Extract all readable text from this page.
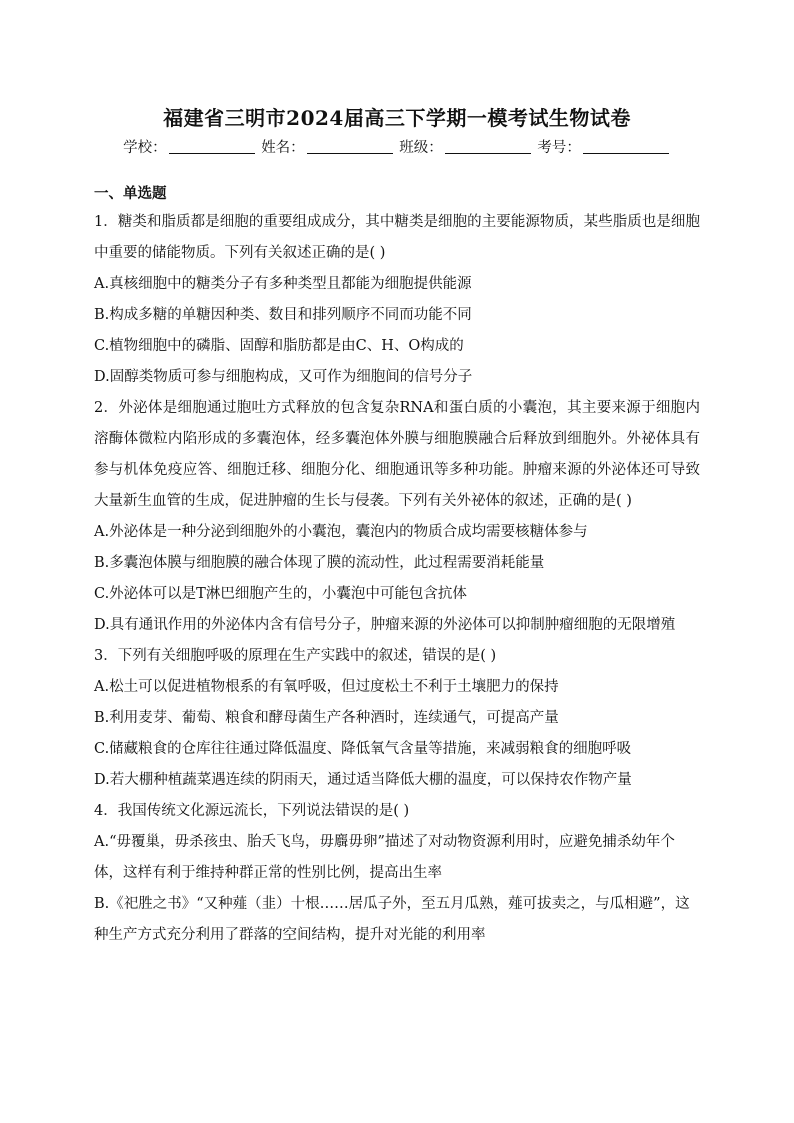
福建省三明市2024届高三下学期一模考试生物试卷
学校：	姓名：	班级：	考号：
一、单选题

1．糖类和脂质都是细胞的重要组成成分，其中糖类是细胞的主要能源物质，某些脂质也是细胞中重要的储能物质。下列有关叙述正确的是( )

A.真核细胞中的糖类分子有多种类型且都能为细胞提供能源

B.构成多糖的单糖因种类、数目和排列顺序不同而功能不同

C.植物细胞中的磷脂、固醇和脂肪都是由C、H、O构成的

D.固醇类物质可参与细胞构成，又可作为细胞间的信号分子

2．外泌体是细胞通过胞吐方式释放的包含复杂RNA和蛋白质的小囊泡，其主要来源于细胞内溶酶体微粒内陷形成的多囊泡体，经多囊泡体外膜与细胞膜融合后释放到细胞外。外祕体具有参与机体免疫应答、细胞迁移、细胞分化、细胞通讯等多种功能。肿瘤来源的外泌体还可导致大量新生血管的生成，促进肿瘤的生长与侵袭。下列有关外祕体的叙述，正确的是( )

A.外泌体是一种分泌到细胞外的小囊泡，囊泡内的物质合成均需要核糖体参与

B.多囊泡体膜与细胞膜的融合体现了膜的流动性，此过程需要消耗能量

C.外泌体可以是T淋巴细胞产生的，小囊泡中可能包含抗体

D.具有通讯作用的外泌体内含有信号分子，肿瘤来源的外泌体可以抑制肿瘤细胞的无限增殖

3．下列有关细胞呼吸的原理在生产实践中的叙述，错误的是( )

A.松土可以促进植物根系的有氧呼吸，但过度松土不利于土壤肥力的保持

B.利用麦芽、葡萄、粮食和酵母菌生产各种酒时，连续通气，可提高产量

C.储藏粮食的仓库往往通过降低温度、降低氧气含量等措施，来减弱粮食的细胞呼吸

D.若大棚种植蔬菜遇连续的阴雨天，通过适当降低大棚的温度，可以保持农作物产量

4．我国传统文化源远流长，下列说法错误的是( )

A.“毋覆巢，毋杀孩虫、胎夭飞鸟，毋麛毋卵”描述了对动物资源利用时，应避免捕杀幼年个体，这样有利于维持种群正常的性别比例，提高出生率

B.《祀胜之书》“又种薤（韭）十根……居瓜子外，至五月瓜熟，薤可拔卖之，与瓜相避”，这种生产方式充分利用了群落的空间结构，提升对光能的利用率
